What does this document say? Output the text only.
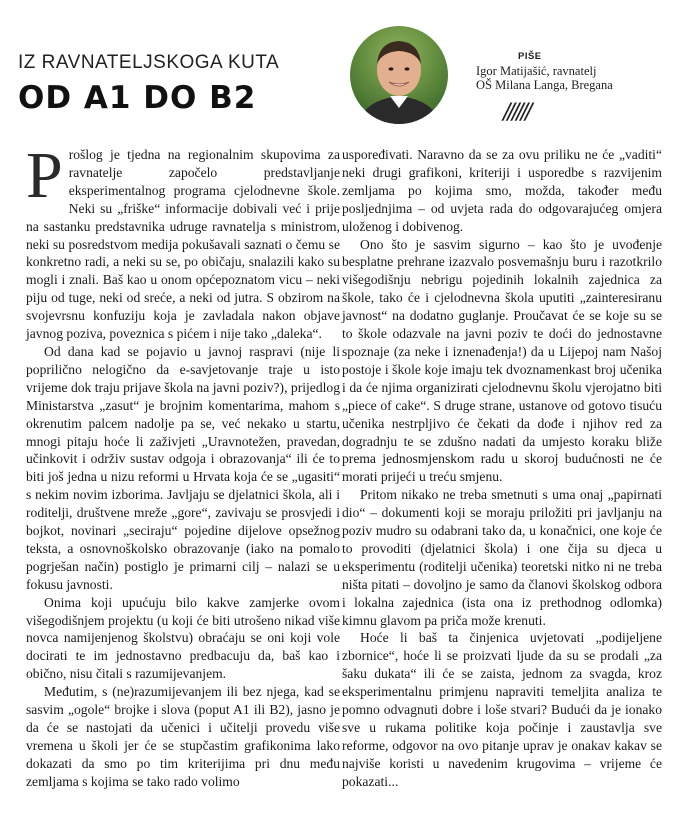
IZ RAVNATELJSKOGA KUTA
OD A1 DO B2
PIŠE
Igor Matijašić, ravnatelj
OŠ Milana Langa, Bregana
//////

Prošlog je tjedna na regionalnim skupovima za ravnatelje započelo predstavljanje eksperimentalnog programa cjelodnevne škole. Neki su „friške“ informacije dobivali već i prije na sastanku predstavnika udruge ravnatelja s ministrom, neki su posredstvom medija pokušavali saznati o čemu se konkretno radi, a neki su se, po običaju, snalazili kako su mogli i znali. Baš kao u onom općepoznatom vicu – neki piju od tuge, neki od sreće, a neki od jutra. S obzirom na svojevrsnu konfuziju koja je zavladala nakon objave javnog poziva, poveznica s pićem i nije tako „daleka“.

Od dana kad se pojavio u javnoj raspravi (nije li poprilično nelogično da e-savjetovanje traje u isto vrijeme dok traju prijave škola na javni poziv?), prijedlog Ministarstva „zasut“ je brojnim komentarima, mahom s okrenutim palcem nadolje pa se, već nekako u startu, mnogi pitaju hoće li zaživjeti „Uravnotežen, pravedan, učinkovit i održiv sustav odgoja i obrazovanja“ ili će to biti još jedna u nizu reformi u Hrvata koja će se „ugasiti“ s nekim novim izborima. Javljaju se djelatnici škola, ali i roditelji, društvene mreže „gore“, zavivaju se prosvjedi i bojkot, novinari „seciraju“ pojedine dijelove opsežnog teksta, a osnovnoškolsko obrazovanje (iako na pomalo pogrješan način) postiglo je primarni cilj – nalazi se u fokusu javnosti.

Onima koji upućuju bilo kakve zamjerke ovom višegodišnjem projektu (u koji će biti utrošeno nikad više novca namijenjenog školstvu) obraćaju se oni koji vole docirati te im jednostavno predbacuju da, baš kao i obično, nisu čitali s razumijevanjem.

Međutim, s (ne)razumijevanjem ili bez njega, kad se sasvim „ogole“ brojke i slova (poput A1 ili B2), jasno je da će se nastojati da učenici i učitelji provedu više vremena u školi jer će se stupčastim grafikonima lako dokazati da smo po tim kriterijima pri dnu među zemljama s kojima se tako rado volimo

uspoređivati. Naravno da se za ovu priliku ne će „vaditi“ neki drugi grafikoni, kriteriji i usporedbe s razvijenim zemljama po kojima smo, možda, također među posljednjima – od uvjeta rada do odgovarajućeg omjera uloženog i dobivenog.

Ono što je sasvim sigurno – kao što je uvođenje besplatne prehrane izazvalo posvemašnju buru i razotkrilo višegodišnju nebrigu pojedinih lokalnih zajednica za škole, tako će i cjelodnevna škola uputiti „zainteresiranu javnost“ na dodatno guglanje. Proučavat će se koje su se to škole odazvale na javni poziv te doći do jednostavne spoznaje (za neke i iznenađenja!) da u Lijepoj nam Našoj postoje i škole koje imaju tek dvoznamenkast broj učenika i da će njima organizirati cjelodnevnu školu vjerojatno biti „piece of cake“. S druge strane, ustanove od gotovo tisuću učenika nestrpljivo će čekati da dođe i njihov red za dogradnju te se zdušno nadati da umjesto koraku bliže prema jednosmjenskom radu u skoroj budućnosti ne će morati prijeći u treću smjenu.

Pritom nikako ne treba smetnuti s uma onaj „papirnati dio“ – dokumenti koji se moraju priložiti pri javljanju na poziv mudro su odabrani tako da, u konačnici, one koje će to provoditi (djelatnici škola) i one čija su djeca u eksperimentu (roditelji učenika) teoretski nitko ni ne treba ništa pitati – dovoljno je samo da članovi školskog odbora i lokalna zajednica (ista ona iz prethodnog odlomka) kimnu glavom pa priča može krenuti.

Hoće li baš ta činjenica uvjetovati „podijeljene zbornice“, hoće li se proizvati ljude da su se prodali „za šaku dukata“ ili će se zaista, jednom za svagda, kroz eksperimentalnu primjenu napraviti temeljita analiza te pomno odvagnuti dobre i loše stvari? Budući da je ionako sve u rukama politike koja počinje i zaustavlja sve reforme, odgovor na ovo pitanje uprav je onakav kakav se najviše koristi u navedenim krugovima – vrijeme će pokazati...
